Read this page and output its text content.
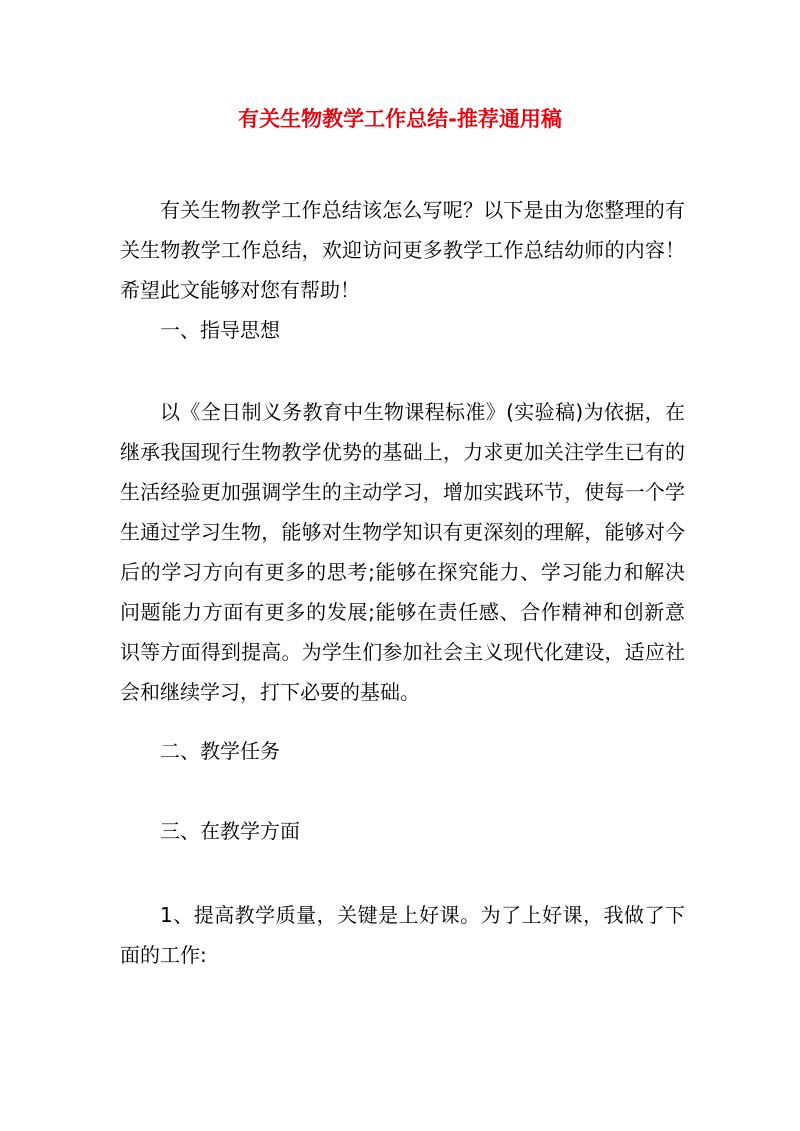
有关生物教学工作总结-推荐通用稿

有关生物教学工作总结该怎么写呢？以下是由为您整理的有关生物教学工作总结，欢迎访问更多教学工作总结幼师的内容！希望此文能够对您有帮助！

一、指导思想

以《全日制义务教育中生物课程标准》(实验稿)为依据，在继承我国现行生物教学优势的基础上，力求更加关注学生已有的生活经验更加强调学生的主动学习，增加实践环节，使每一个学生通过学习生物，能够对生物学知识有更深刻的理解，能够对今后的学习方向有更多的思考;能够在探究能力、学习能力和解决问题能力方面有更多的发展;能够在责任感、合作精神和创新意识等方面得到提高。为学生们参加社会主义现代化建设，适应社会和继续学习，打下必要的基础。

二、教学任务

三、在教学方面

1、提高教学质量，关键是上好课。为了上好课，我做了下面的工作:
